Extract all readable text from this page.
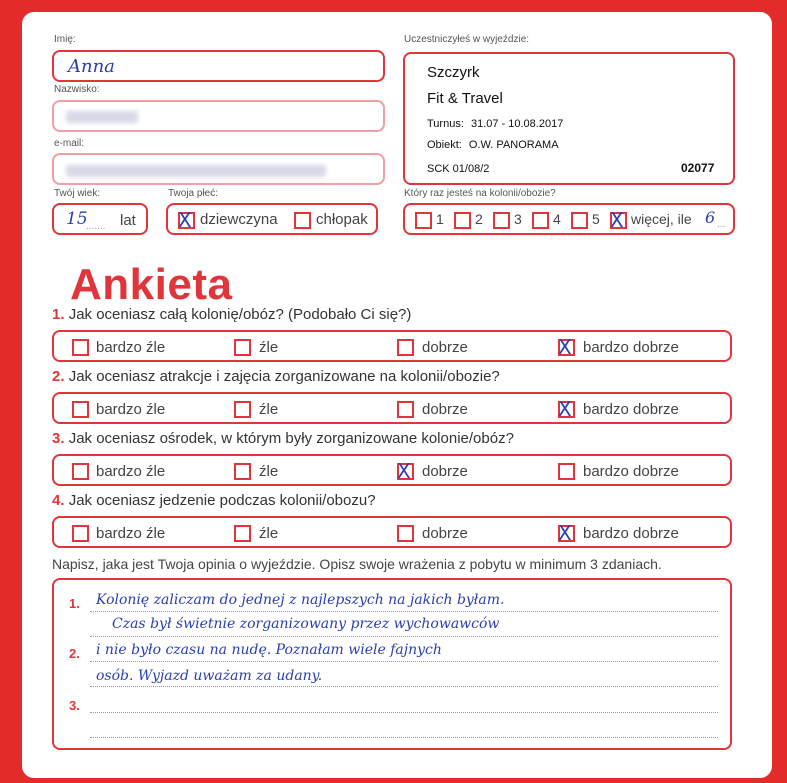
Imię:
Anna
Nazwisko:
e-mail:
Twój wiek:
15
....... lat
Twoja płeć:
X dziewczyna	chłopak
Uczestniczyłeś w wyjeździe:
Szczyrk
Fit & Travel
Turnus: 31.07 - 10.08.2017
Obiekt: O.W. PANORAMA
SCK 01/08/2	02077
Który raz jesteś na kolonii/obozie?
1 2 3 4 5 X więcej, ile 6 ...
Ankieta
1. Jak oceniasz całą kolonię/obóz? (Podobało Ci się?)
bardzo źle	źle	dobrze	X bardzo dobrze
2. Jak oceniasz atrakcje i zajęcia zorganizowane na kolonii/obozie?
bardzo źle	źle	dobrze	X bardzo dobrze
3. Jak oceniasz ośrodek, w którym były zorganizowane kolonie/obóz?
bardzo źle	źle	X dobrze	bardzo dobrze
4. Jak oceniasz jedzenie podczas kolonii/obozu?
bardzo źle	źle	dobrze	X bardzo dobrze
Napisz, jaka jest Twoja opinia o wyjeździe. Opisz swoje wrażenia z pobytu w minimum 3 zdaniach.
1.
2.
3.
Kolonię zaliczam do jednej z najlepszych na jakich byłam.
Czas był świetnie zorganizowany przez wychowawców
i nie było czasu na nudę. Poznałam wiele fajnych
osób. Wyjazd uważam za udany.
